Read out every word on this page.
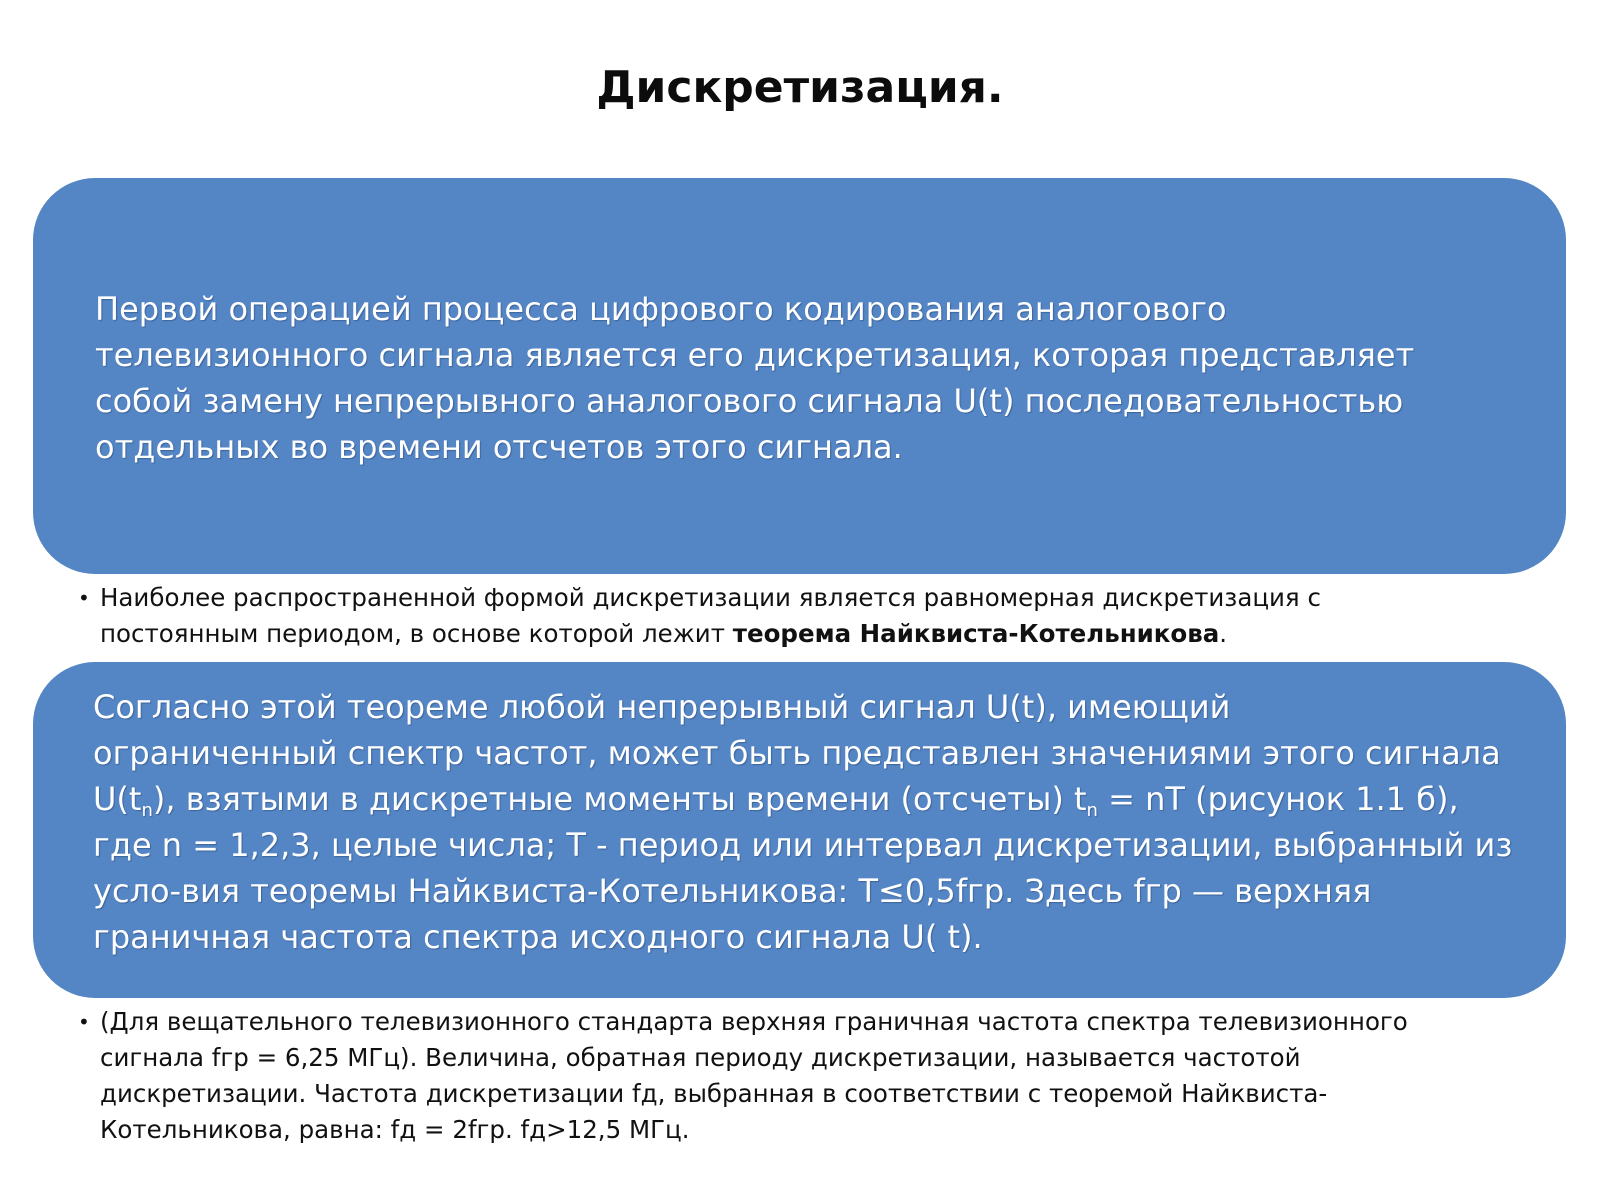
Дискретизация.
Первой операцией процесса цифрового кодирования аналогового
телевизионного сигнала является его дискретизация, которая представляет
собой замену непрерывного аналогового сигнала U(t) последовательностью
отдельных во времени отсчетов этого сигнала.
• Наиболее распространенной формой дискретизации является равномерная дискретизация с
постоянным периодом, в основе которой лежит теорема Найквиста-Котельникова.
Согласно этой теореме любой непрерывный сигнал U(t), имеющий
ограниченный спектр частот, может быть представлен значениями этого сигнала
$U(t_n)$, взятыми в дискретные моменты времени (отсчеты) $t_n$ = nT (рисунок 1.1 б),
где n = 1,2,3, целые числа; T - период или интервал дискретизации, выбранный из
усло-вия теоремы Найквиста-Котельникова: T≤0,5fгр. Здесь fгр — верхняя
граничная частота спектра исходного сигнала U( t).
• (Для вещательного телевизионного стандарта верхняя граничная частота спектра телевизионного
сигнала fгр = 6,25 МГц). Величина, обратная периоду дискретизации, называется частотой
дискретизации. Частота дискретизации fд, выбранная в соответствии с теоремой Найквиста-
Котельникова, равна: fд = 2fгр. fд>12,5 МГц.
